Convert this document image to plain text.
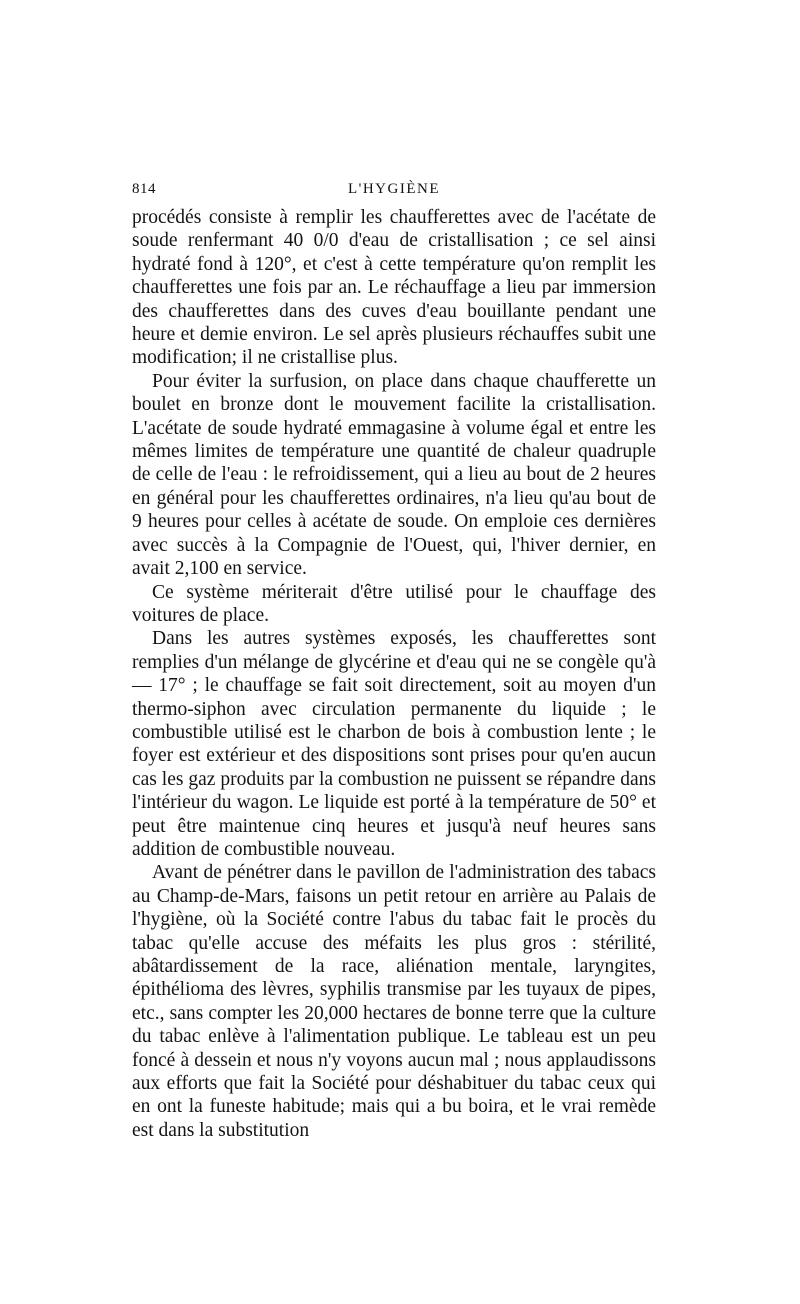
814	L'HYGIÈNE

procédés consiste à remplir les chaufferettes avec de l'acétate de soude renfermant 40 0/0 d'eau de cristallisation ; ce sel ainsi hydraté fond à 120°, et c'est à cette température qu'on remplit les chaufferettes une fois par an. Le réchauffage a lieu par immersion des chaufferettes dans des cuves d'eau bouillante pendant une heure et demie environ. Le sel après plusieurs réchauffes subit une modification; il ne cristallise plus.

Pour éviter la surfusion, on place dans chaque chaufferette un boulet en bronze dont le mouvement facilite la cristallisation. L'acétate de soude hydraté emmagasine à volume égal et entre les mêmes limites de température une quantité de chaleur quadruple de celle de l'eau : le refroidissement, qui a lieu au bout de 2 heures en général pour les chaufferettes ordinaires, n'a lieu qu'au bout de 9 heures pour celles à acétate de soude. On emploie ces dernières avec succès à la Compagnie de l'Ouest, qui, l'hiver dernier, en avait 2,100 en service.

Ce système mériterait d'être utilisé pour le chauffage des voitures de place.

Dans les autres systèmes exposés, les chaufferettes sont remplies d'un mélange de glycérine et d'eau qui ne se congèle qu'à — 17° ; le chauffage se fait soit directement, soit au moyen d'un thermo-siphon avec circulation permanente du liquide ; le combustible utilisé est le charbon de bois à combustion lente ; le foyer est extérieur et des dispositions sont prises pour qu'en aucun cas les gaz produits par la combustion ne puissent se répandre dans l'intérieur du wagon. Le liquide est porté à la température de 50° et peut être maintenue cinq heures et jusqu'à neuf heures sans addition de combustible nouveau.

Avant de pénétrer dans le pavillon de l'administration des tabacs au Champ-de-Mars, faisons un petit retour en arrière au Palais de l'hygiène, où la Société contre l'abus du tabac fait le procès du tabac qu'elle accuse des méfaits les plus gros : stérilité, abâtardissement de la race, aliénation mentale, laryngites, épithélioma des lèvres, syphilis transmise par les tuyaux de pipes, etc., sans compter les 20,000 hectares de bonne terre que la culture du tabac enlève à l'alimentation publique. Le tableau est un peu foncé à dessein et nous n'y voyons aucun mal ; nous applaudissons aux efforts que fait la Société pour déshabituer du tabac ceux qui en ont la funeste habitude; mais qui a bu boira, et le vrai remède est dans la substitution
